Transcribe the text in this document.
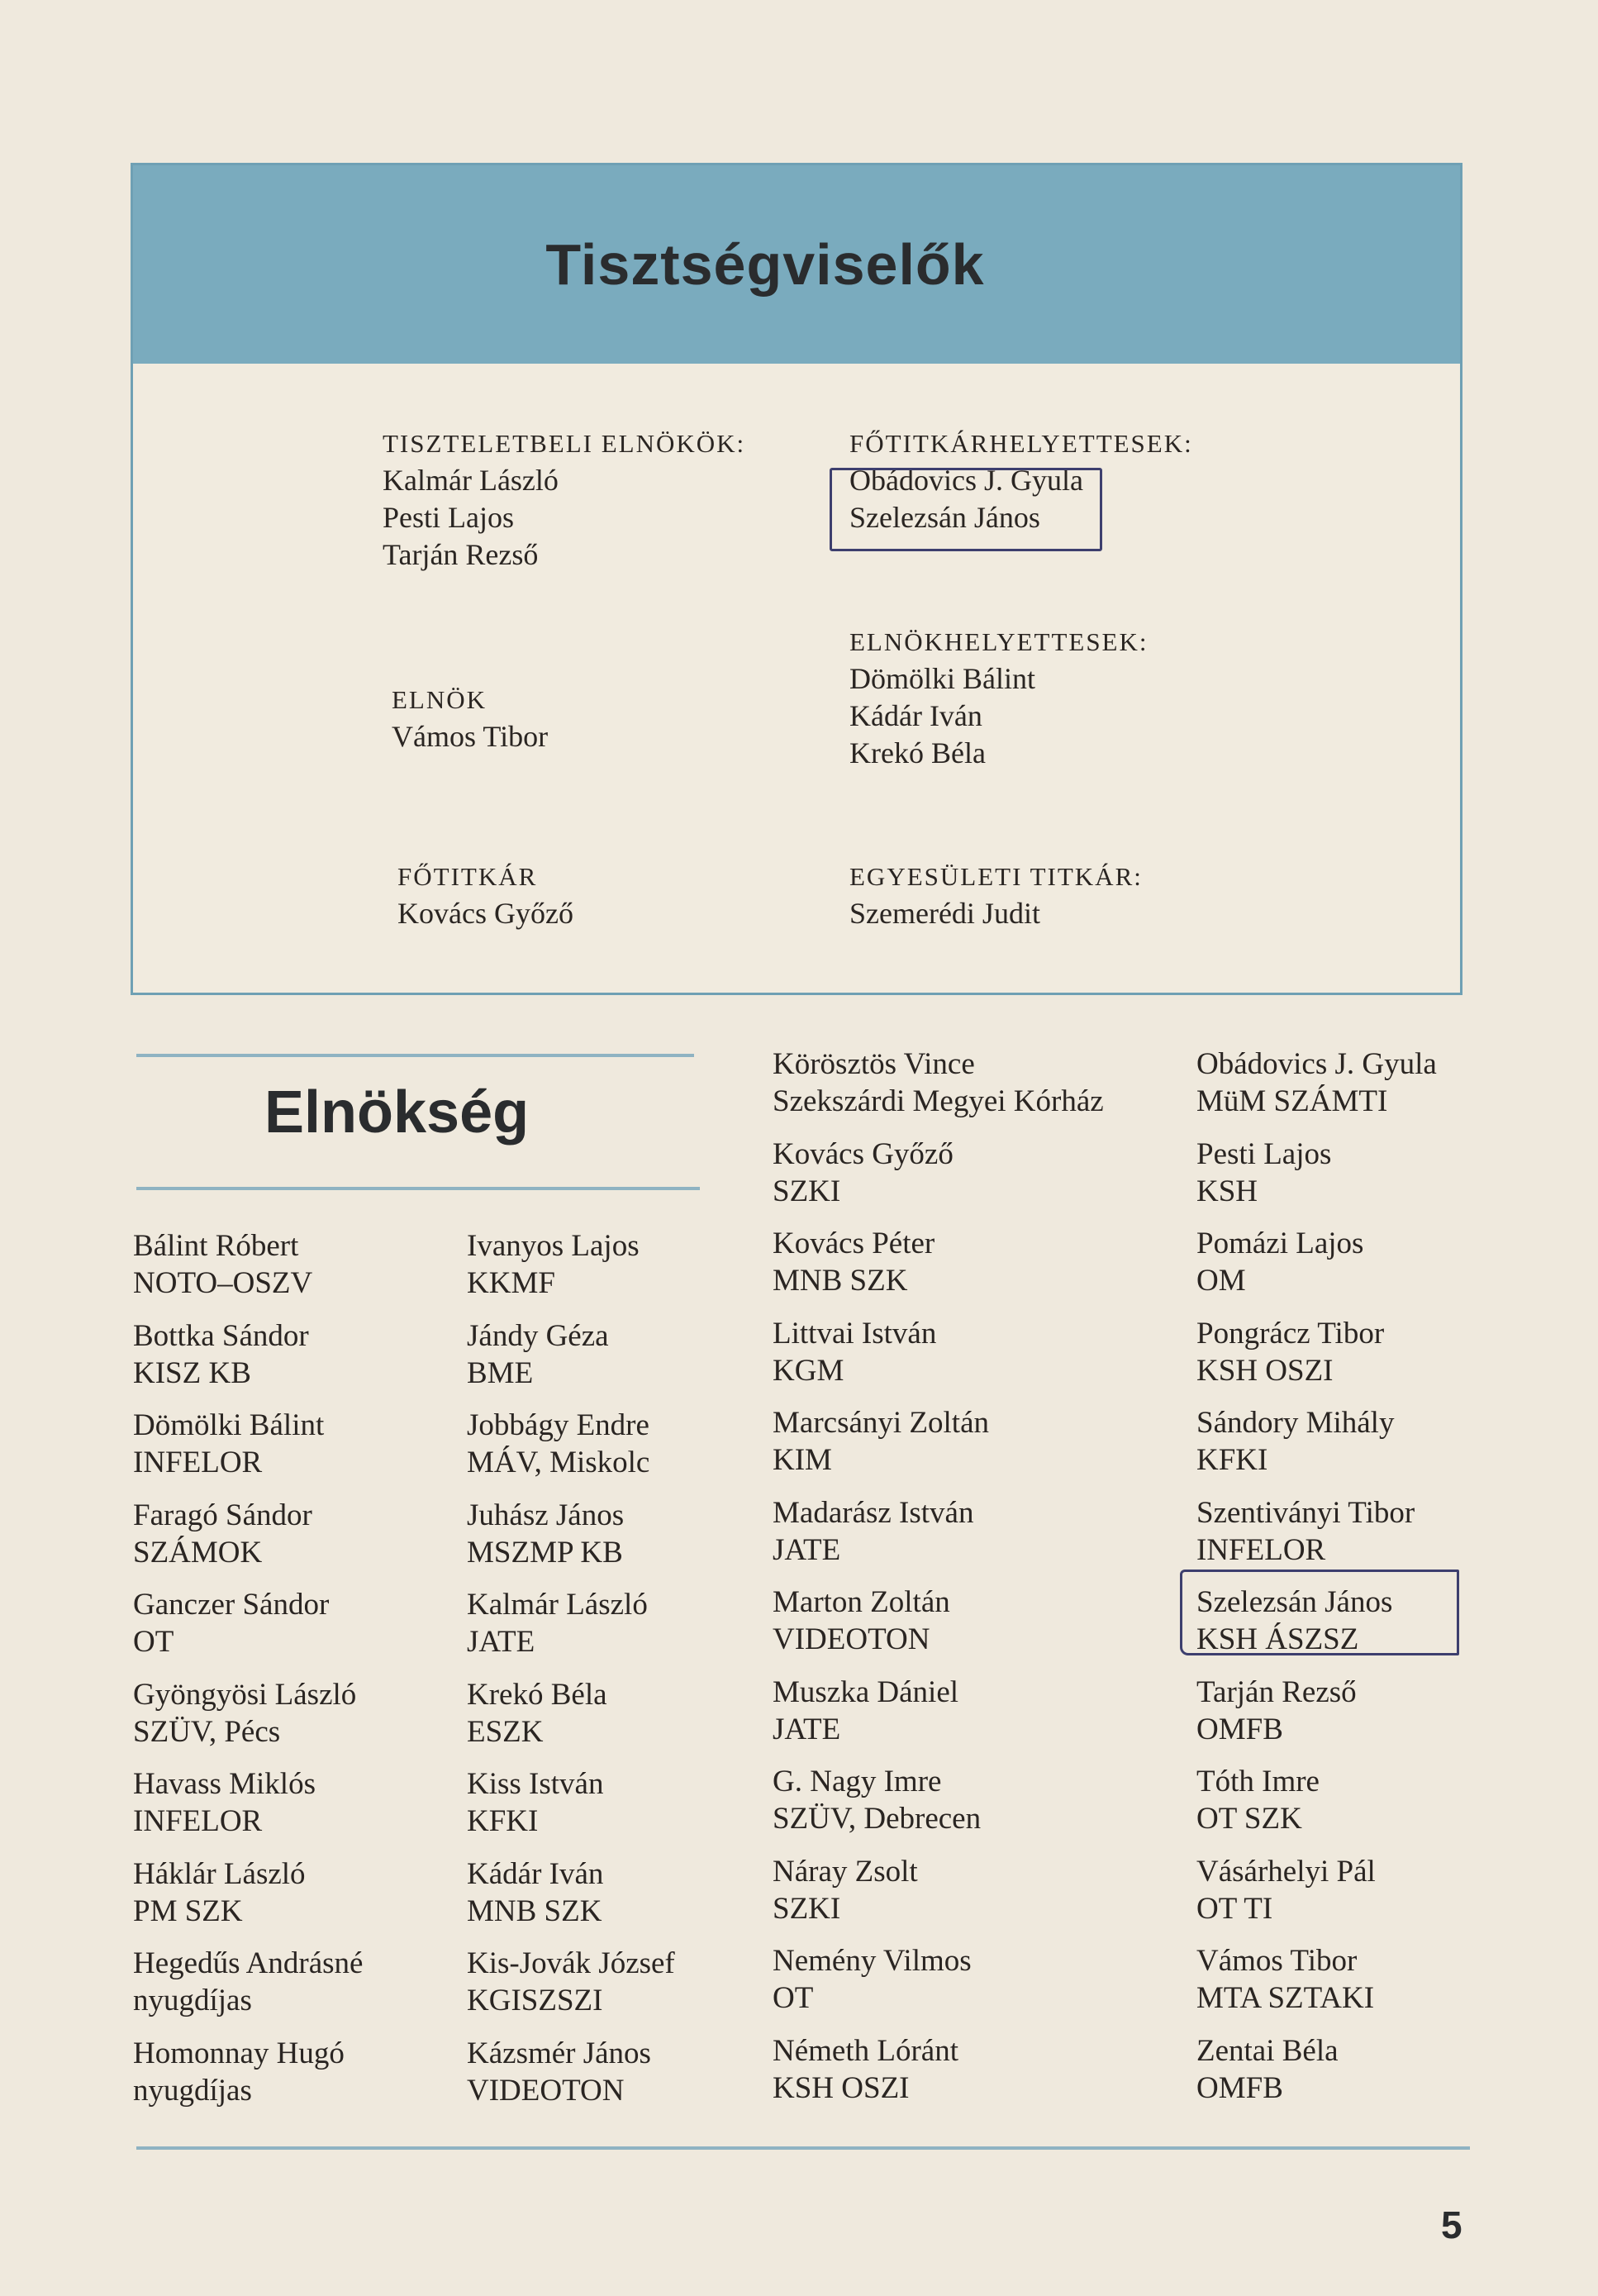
Tisztségviselők
TISZTELETBELI ELNÖKÖK:
Kalmár László
Pesti Lajos
Tarján Rezső
FŐTITKÁRHELYETTESEK:
Obádovics J. Gyula
Szelezsán János
ELNÖK
Vámos Tibor
ELNÖKHELYETTESEK:
Dömölki Bálint
Kádár Iván
Krekó Béla
FŐTITKÁR
Kovács Győző
EGYESÜLETI TITKÁR:
Szemerédi Judit
Elnökség
Bálint Róbert
NOTO–OSZV
Bottka Sándor
KISZ KB
Dömölki Bálint
INFELOR
Faragó Sándor
SZÁMOK
Ganczer Sándor
OT
Gyöngyösi László
SZÜV, Pécs
Havass Miklós
INFELOR
Háklár László
PM SZK
Hegedűs Andrásné
nyugdíjas
Homonnay Hugó
nyugdíjas
Ivanyos Lajos
KKMF
Jándy Géza
BME
Jobbágy Endre
MÁV, Miskolc
Juhász János
MSZMP KB
Kalmár László
JATE
Krekó Béla
ESZK
Kiss István
KFKI
Kádár Iván
MNB SZK
Kis-Jovák József
KGISZSZI
Kázsmér János
VIDEOTON
Körösztös Vince
Szekszárdi Megyei Kórház
Kovács Győző
SZKI
Kovács Péter
MNB SZK
Littvai István
KGM
Marcsányi Zoltán
KIM
Madarász István
JATE
Marton Zoltán
VIDEOTON
Muszka Dániel
JATE
G. Nagy Imre
SZÜV, Debrecen
Náray Zsolt
SZKI
Nemény Vilmos
OT
Németh Lóránt
KSH OSZI
Obádovics J. Gyula
MüM SZÁMTI
Pesti Lajos
KSH
Pomázi Lajos
OM
Pongrácz Tibor
KSH OSZI
Sándory Mihály
KFKI
Szentiványi Tibor
INFELOR
Szelezsán János
KSH ÁSZSZ
Tarján Rezső
OMFB
Tóth Imre
OT SZK
Vásárhelyi Pál
OT TI
Vámos Tibor
MTA SZTAKI
Zentai Béla
OMFB
5
